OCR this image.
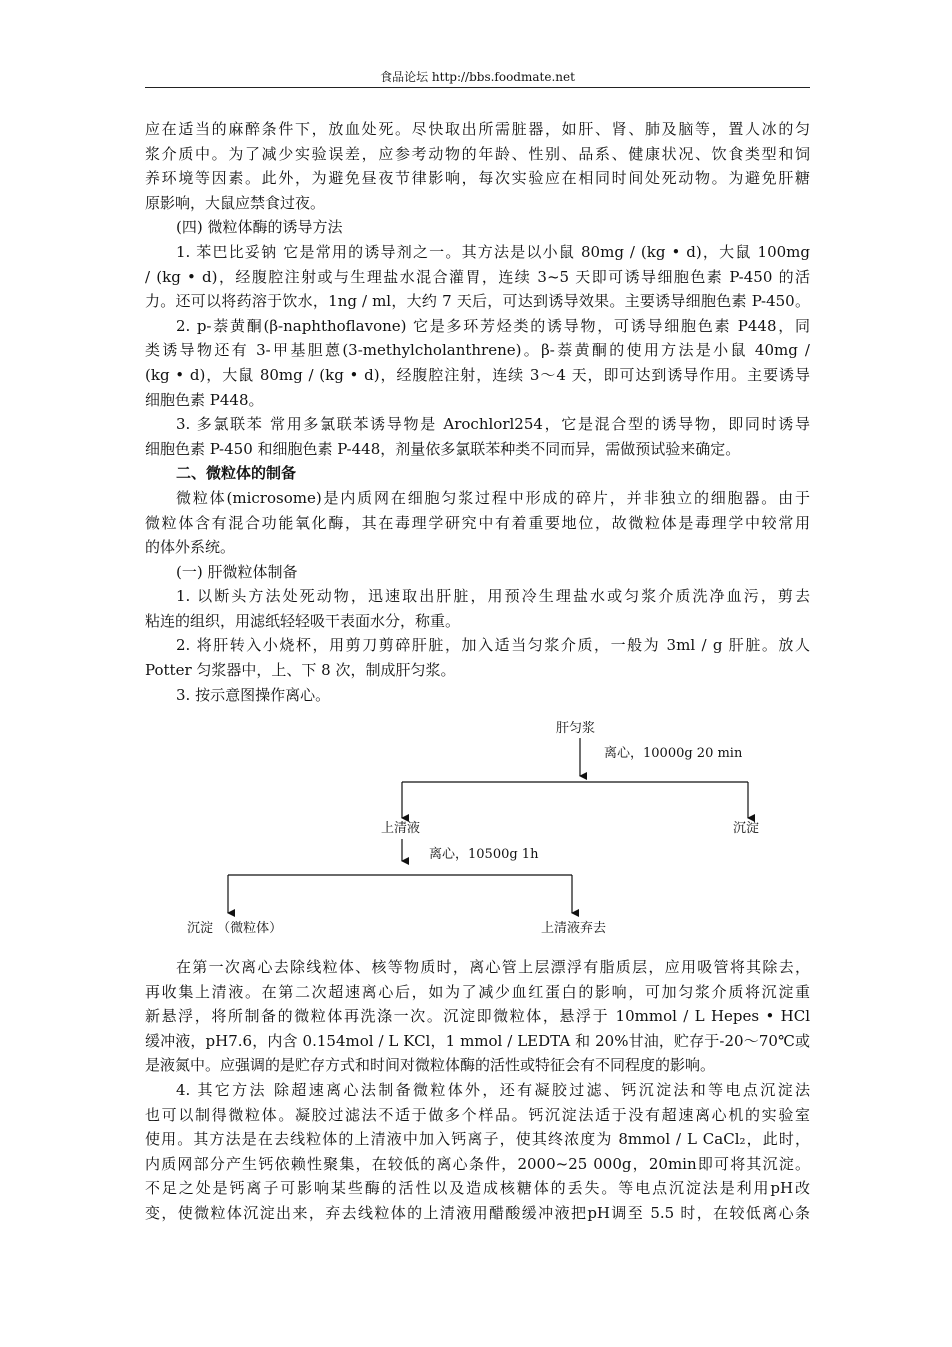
食品论坛 http://bbs.foodmate.net
应在适当的麻醉条件下，放血处死。尽快取出所需脏器，如肝、肾、肺及脑等，置人冰的匀
浆介质中。为了减少实验误差，应参考动物的年龄、性别、品系、健康状况、饮食类型和饲
养环境等因素。此外，为避免昼夜节律影响，每次实验应在相同时间处死动物。为避免肝糖
原影响，大鼠应禁食过夜。
(四) 微粒体酶的诱导方法
1. 苯巴比妥钠 它是常用的诱导剂之一。其方法是以小鼠 80mg / (kg • d)，大鼠 100mg
/ (kg • d)，经腹腔注射或与生理盐水混合灌胃，连续 3~5 天即可诱导细胞色素 P-450 的活
力。还可以将药溶于饮水，1ng / ml，大约 7 天后，可达到诱导效果。主要诱导细胞色素 P-450。
2. p-萘黄酮(β-naphthoflavone) 它是多环芳烃类的诱导物，可诱导细胞色素 P448，同
类诱导物还有 3-甲基胆蒽(3-methylcholanthrene)。β-萘黄酮的使用方法是小鼠 40mg /
(kg • d)，大鼠 80mg / (kg • d)，经腹腔注射，连续 3～4 天，即可达到诱导作用。主要诱导
细胞色素 P448。
3. 多氯联苯 常用多氯联苯诱导物是 Arochlorl254，它是混合型的诱导物，即同时诱导
细胞色素 P-450 和细胞色素 P-448，剂量依多氯联苯种类不同而异，需做预试验来确定。
二、微粒体的制备
微粒体(microsome)是内质网在细胞匀浆过程中形成的碎片，并非独立的细胞器。由于
微粒体含有混合功能氧化酶，其在毒理学研究中有着重要地位，故微粒体是毒理学中较常用
的体外系统。
(一) 肝微粒体制备
1. 以断头方法处死动物，迅速取出肝脏，用预冷生理盐水或匀浆介质洗净血污，剪去
粘连的组织，用滤纸轻轻吸干表面水分，称重。
2. 将肝转入小烧杯，用剪刀剪碎肝脏，加入适当匀浆介质，一般为 3ml / g 肝脏。放人
Potter 匀浆器中，上、下 8 次，制成肝匀浆。
3. 按示意图操作离心。
肝匀浆
离心，10000g 20 min
上清液	沉淀
离心，10500g 1h
沉淀 （微粒体）	上清液弃去
在第一次离心去除线粒体、核等物质时，离心管上层漂浮有脂质层，应用吸管将其除去，
再收集上清液。在第二次超速离心后，如为了减少血红蛋白的影响，可加匀浆介质将沉淀重
新悬浮，将所制备的微粒体再洗涤一次。沉淀即微粒体，悬浮于 10mmol / L Hepes • HCl
缓冲液，pH7.6，内含 0.154mol / L KCl，1 mmol / LEDTA 和 20%甘油，贮存于-20～70℃或
是液氮中。应强调的是贮存方式和时间对微粒体酶的活性或特征会有不同程度的影响。
4. 其它方法 除超速离心法制备微粒体外，还有凝胶过滤、钙沉淀法和等电点沉淀法
也可以制得微粒体。凝胶过滤法不适于做多个样品。钙沉淀法适于没有超速离心机的实验室
使用。其方法是在去线粒体的上清液中加入钙离子，使其终浓度为 8mmol / L CaCl₂，此时，
内质网部分产生钙依赖性聚集，在较低的离心条件，2000~25 000g，20min即可将其沉淀。
不足之处是钙离子可影响某些酶的活性以及造成核糖体的丢失。等电点沉淀法是利用pH改
变，使微粒体沉淀出来，弃去线粒体的上清液用醋酸缓冲液把pH调至 5.5 时，在较低离心条
